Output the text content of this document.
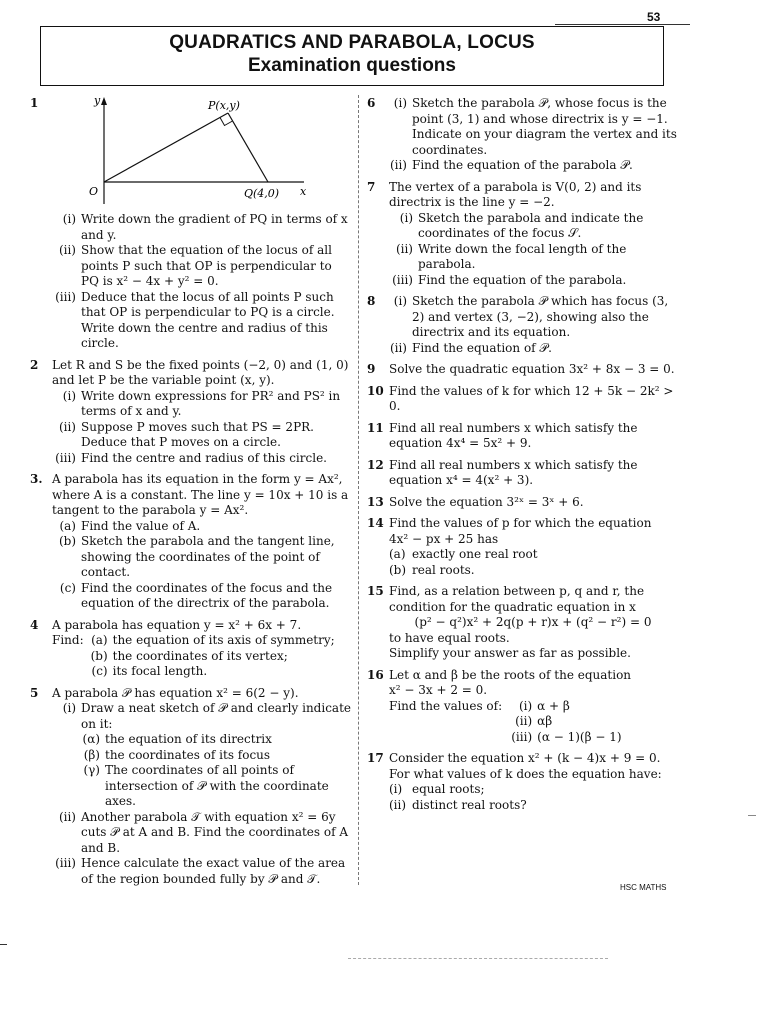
53
QUADRATICS AND PARABOLA, LOCUS
Examination questions
1	y
x
O
P(x,y)
Q(4,0)
(i) Write down the gradient of PQ in terms of x and y.
(ii) Show that the equation of the locus of all points P such that OP is perpendicular to PQ is x² − 4x + y² = 0.
(iii) Deduce that the locus of all points P such that OP is perpendicular to PQ is a circle.
Write down the centre and radius of this circle.
2 Let R and S be the fixed points (−2, 0) and (1, 0) and let P be the variable point (x, y).
(i) Write down expressions for PR² and PS² in terms of x and y.
(ii) Suppose P moves such that PS = 2PR. Deduce that P moves on a circle.
(iii) Find the centre and radius of this circle.
3. A parabola has its equation in the form y = Ax², where A is a constant. The line y = 10x + 10 is a tangent to the parabola y = Ax².
(a) Find the value of A.
(b) Sketch the parabola and the tangent line, showing the coordinates of the point of contact.
(c) Find the coordinates of the focus and the equation of the directrix of the parabola.
4 A parabola has equation y = x² + 6x + 7.
Find: (a) the equation of its axis of symmetry;
(b) the coordinates of its vertex;
(c) its focal length.
5 A parabola 𝒫 has equation x² = 6(2 − y).
(i) Draw a neat sketch of 𝒫 and clearly indicate on it:
(α) the equation of its directrix
(β) the coordinates of its focus
(γ) The coordinates of all points of intersection of 𝒫 with the coordinate axes.
(ii) Another parabola 𝒯 with equation x² = 6y cuts 𝒫 at A and B. Find the coordinates of A and B.
(iii) Hence calculate the exact value of the area of the region bounded fully by 𝒫 and 𝒯.
6	(i) Sketch the parabola 𝒫, whose focus is the point (3, 1) and whose directrix is y = −1. Indicate on your diagram the vertex and its coordinates.
(ii) Find the equation of the parabola 𝒫.
7 The vertex of a parabola is V(0, 2) and its directrix is the line y = −2.
(i) Sketch the parabola and indicate the coordinates of the focus 𝒮.
(ii) Write down the focal length of the parabola.
(iii) Find the equation of the parabola.
8	(i) Sketch the parabola 𝒫 which has focus (3, 2) and vertex (3, −2), showing also the directrix and its equation.
(ii) Find the equation of 𝒫.
9 Solve the quadratic equation 3x² + 8x − 3 = 0.
10 Find the values of k for which 12 + 5k − 2k² > 0.
11 Find all real numbers x which satisfy the equation 4x⁴ = 5x² + 9.
12 Find all real numbers x which satisfy the equation x⁴ = 4(x² + 3).
13 Solve the equation 3²ˣ = 3ˣ + 6.
14 Find the values of p for which the equation
4x² − px + 25 has
(a) exactly one real root
(b) real roots.
15 Find, as a relation between p, q and r, the condition for the quadratic equation in x
(p² − q²)x² + 2q(p + r)x + (q² − r²) = 0
to have equal roots.
Simplify your answer as far as possible.
16 Let α and β be the roots of the equation
x² − 3x + 2 = 0.
Find the values of:	(i) α + β
(ii) αβ
(iii) (α − 1)(β − 1)
17 Consider the equation x² + (k − 4)x + 9 = 0.
For what values of k does the equation have:
(i) equal roots;
(ii) distinct real roots?
HSC MATHS
